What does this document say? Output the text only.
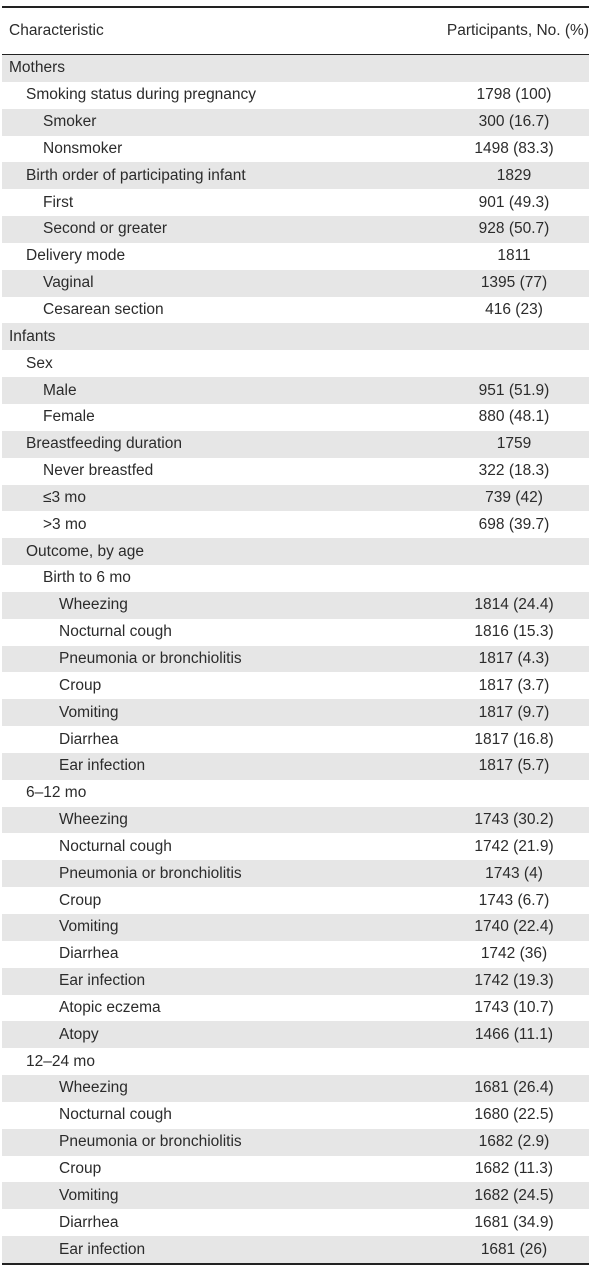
Characteristic	Participants, No. (%)
Mothers
Smoking status during pregnancy	1798 (100)
Smoker	300 (16.7)
Nonsmoker	1498 (83.3)
Birth order of participating infant	1829
First	901 (49.3)
Second or greater	928 (50.7)
Delivery mode	1811
Vaginal	1395 (77)
Cesarean section	416 (23)
Infants
Sex
Male	951 (51.9)
Female	880 (48.1)
Breastfeeding duration	1759
Never breastfed	322 (18.3)
≤3 mo	739 (42)
>3 mo	698 (39.7)
Outcome, by age
Birth to 6 mo
Wheezing	1814 (24.4)
Nocturnal cough	1816 (15.3)
Pneumonia or bronchiolitis	1817 (4.3)
Croup	1817 (3.7)
Vomiting	1817 (9.7)
Diarrhea	1817 (16.8)
Ear infection	1817 (5.7)
6–12 mo
Wheezing	1743 (30.2)
Nocturnal cough	1742 (21.9)
Pneumonia or bronchiolitis	1743 (4)
Croup	1743 (6.7)
Vomiting	1740 (22.4)
Diarrhea	1742 (36)
Ear infection	1742 (19.3)
Atopic eczema	1743 (10.7)
Atopy	1466 (11.1)
12–24 mo
Wheezing	1681 (26.4)
Nocturnal cough	1680 (22.5)
Pneumonia or bronchiolitis	1682 (2.9)
Croup	1682 (11.3)
Vomiting	1682 (24.5)
Diarrhea	1681 (34.9)
Ear infection	1681 (26)
